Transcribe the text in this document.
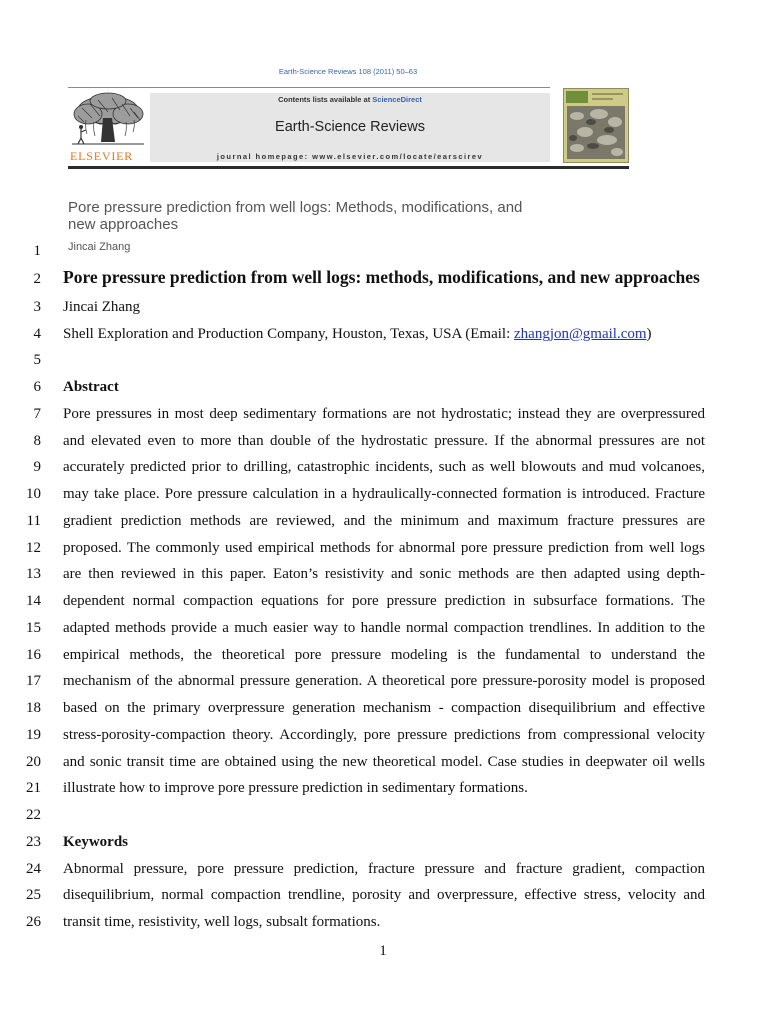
Earth-Science Reviews 108 (2011) 50–63
ELSEVIER
Contents lists available at ScienceDirect
Earth-Science Reviews
journal homepage: www.elsevier.com/locate/earscirev
Pore pressure prediction from well logs: Methods, modifications, and
new approaches
Jincai Zhang
1
2 Pore pressure prediction from well logs: methods, modifications, and new approaches
3 Jincai Zhang
4 Shell Exploration and Production Company, Houston, Texas, USA (Email: zhangjon@gmail.com)
5
6 Abstract
7 Pore pressures in most deep sedimentary formations are not hydrostatic; instead they are overpressured
8 and elevated even to more than double of the hydrostatic pressure. If the abnormal pressures are not
9 accurately predicted prior to drilling, catastrophic incidents, such as well blowouts and mud volcanoes,
10 may take place. Pore pressure calculation in a hydraulically-connected formation is introduced. Fracture
11 gradient prediction methods are reviewed, and the minimum and maximum fracture pressures are
12 proposed. The commonly used empirical methods for abnormal pore pressure prediction from well logs
13 are then reviewed in this paper. Eaton’s resistivity and sonic methods are then adapted using depth-
14 dependent normal compaction equations for pore pressure prediction in subsurface formations. The
15 adapted methods provide a much easier way to handle normal compaction trendlines. In addition to the
16 empirical methods, the theoretical pore pressure modeling is the fundamental to understand the
17 mechanism of the abnormal pressure generation. A theoretical pore pressure-porosity model is proposed
18 based on the primary overpressure generation mechanism - compaction disequilibrium and effective
19 stress-porosity-compaction theory. Accordingly, pore pressure predictions from compressional velocity
20 and sonic transit time are obtained using the new theoretical model. Case studies in deepwater oil wells
21 illustrate how to improve pore pressure prediction in sedimentary formations.
22
23 Keywords
24 Abnormal pressure, pore pressure prediction, fracture pressure and fracture gradient, compaction
25 disequilibrium, normal compaction trendline, porosity and overpressure, effective stress, velocity and
26 transit time, resistivity, well logs, subsalt formations.
1
